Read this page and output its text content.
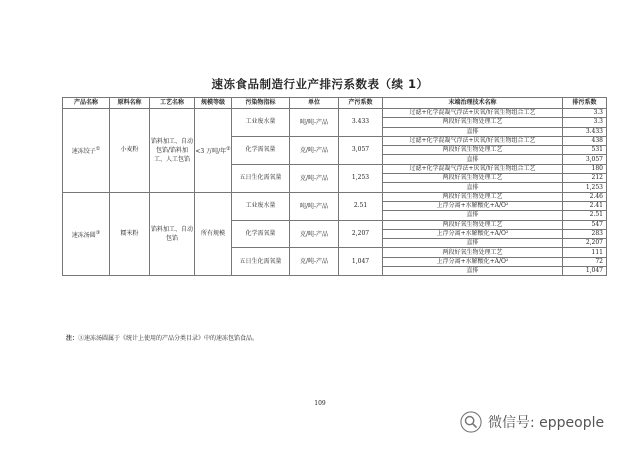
速冻食品制造行业产排污系数表（续 1）
产品名称	原料名称	工艺名称	规模等级	污染物指标	单位	产污系数	末端治理技术名称	排污系数
速冻饺子①	小麦粉	馅料加工、自动包馅/馅料加工、人工包馅	<3 万吨/年②	工业废水量	吨/吨-产品	3.433	过滤+化学混凝气浮法+厌氧/好氧生物组合工艺	3.3
							两段好氧生物处理工艺	3.3
							直排	3.433
				化学需氧量	克/吨-产品	3,057	过滤+化学混凝气浮法+厌氧/好氧生物组合工艺	438
							两段好氧生物处理工艺	531
							直排	3,057
				五日生化需氧量	克/吨-产品	1,253	过滤+化学混凝气浮法+厌氧/好氧生物组合工艺	180
							两段好氧生物处理工艺	212
							直排	1,253
速冻汤圆③	糯米粉	馅料加工、自动包馅	所有规模	工业废水量	吨/吨-产品	2.51	两段好氧生物处理工艺	2.46
							上浮分离+水解酸化+A/O²	2.41
							直排	2.51
				化学需氧量	克/吨-产品	2,207	两段好氧生物处理工艺	547
							上浮分离+水解酸化+A/O²	283
							直排	2,207
				五日生化需氧量	克/吨-产品	1,047	两段好氧生物处理工艺	111
							上浮分离+水解酸化+A/O²	72
							直排	1,047
注：③速冻汤圆属于《统计上使用的产品分类目录》中的速冻包馅食品。
109
微信号: eppeople
